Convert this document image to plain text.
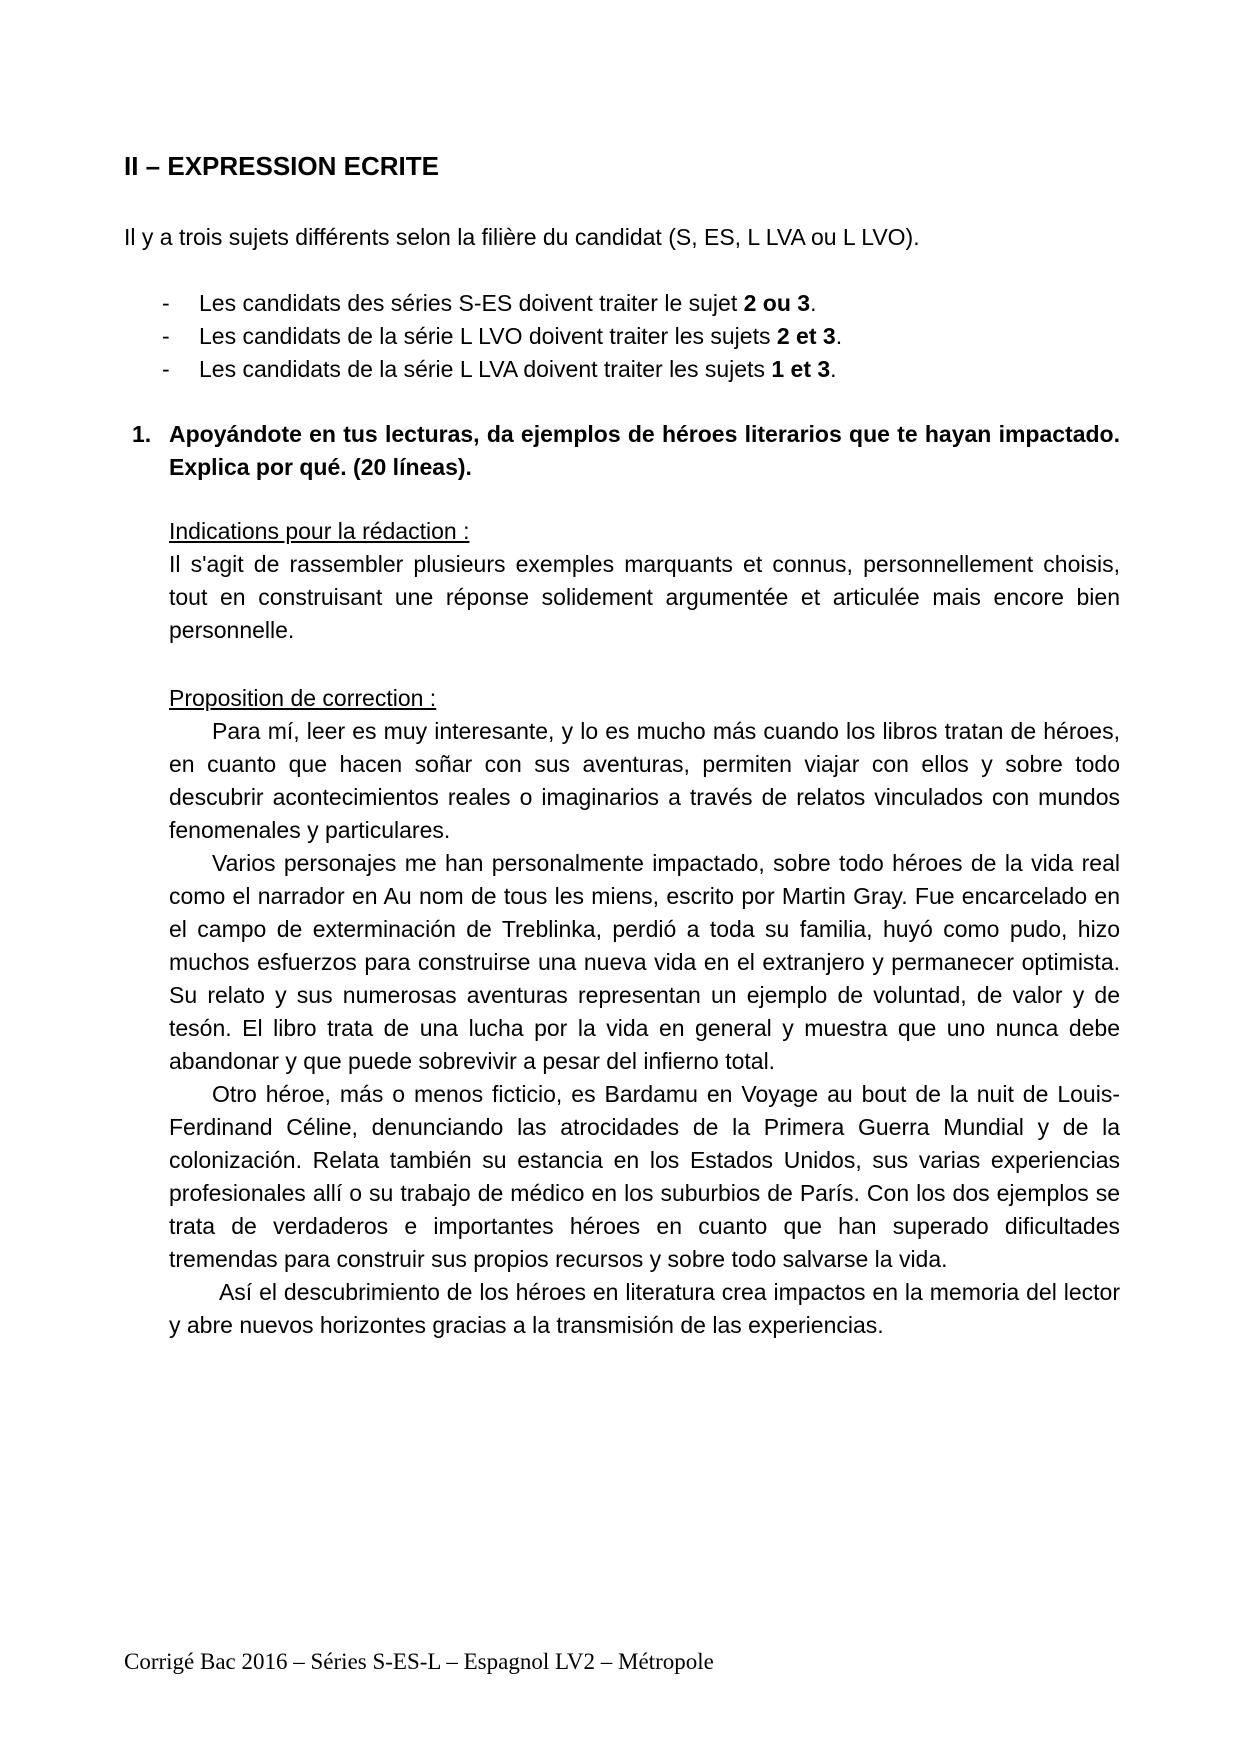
II – EXPRESSION ECRITE

Il y a trois sujets différents selon la filière du candidat (S, ES, L LVA ou L LVO).

- Les candidats des séries S-ES doivent traiter le sujet 2 ou 3.
- Les candidats de la série L LVO doivent traiter les sujets 2 et 3.
- Les candidats de la série L LVA doivent traiter les sujets 1 et 3.
1. Apoyándote en tus lecturas, da ejemplos de héroes literarios que te hayan impactado. Explica por qué. (20 líneas).

Indications pour la rédaction :

Il s'agit de rassembler plusieurs exemples marquants et connus, personnellement choisis, tout en construisant une réponse solidement argumentée et articulée mais encore bien personnelle.

Proposition de correction :

Para mí, leer es muy interesante, y lo es mucho más cuando los libros tratan de héroes, en cuanto que hacen soñar con sus aventuras, permiten viajar con ellos y sobre todo descubrir acontecimientos reales o imaginarios a través de relatos vinculados con mundos fenomenales y particulares.

Varios personajes me han personalmente impactado, sobre todo héroes de la vida real como el narrador en Au nom de tous les miens, escrito por Martin Gray. Fue encarcelado en el campo de exterminación de Treblinka, perdió a toda su familia, huyó como pudo, hizo muchos esfuerzos para construirse una nueva vida en el extranjero y permanecer optimista. Su relato y sus numerosas aventuras representan un ejemplo de voluntad, de valor y de tesón. El libro trata de una lucha por la vida en general y muestra que uno nunca debe abandonar y que puede sobrevivir a pesar del infierno total.

Otro héroe, más o menos ficticio, es Bardamu en Voyage au bout de la nuit de Louis-Ferdinand Céline, denunciando las atrocidades de la Primera Guerra Mundial y de la colonización. Relata también su estancia en los Estados Unidos, sus varias experiencias profesionales allí o su trabajo de médico en los suburbios de París. Con los dos ejemplos se trata de verdaderos e importantes héroes en cuanto que han superado dificultades tremendas para construir sus propios recursos y sobre todo salvarse la vida.

Así el descubrimiento de los héroes en literatura crea impactos en la memoria del lector y abre nuevos horizontes gracias a la transmisión de las experiencias.

Corrigé Bac 2016 – Séries S-ES-L – Espagnol LV2 – Métropole
